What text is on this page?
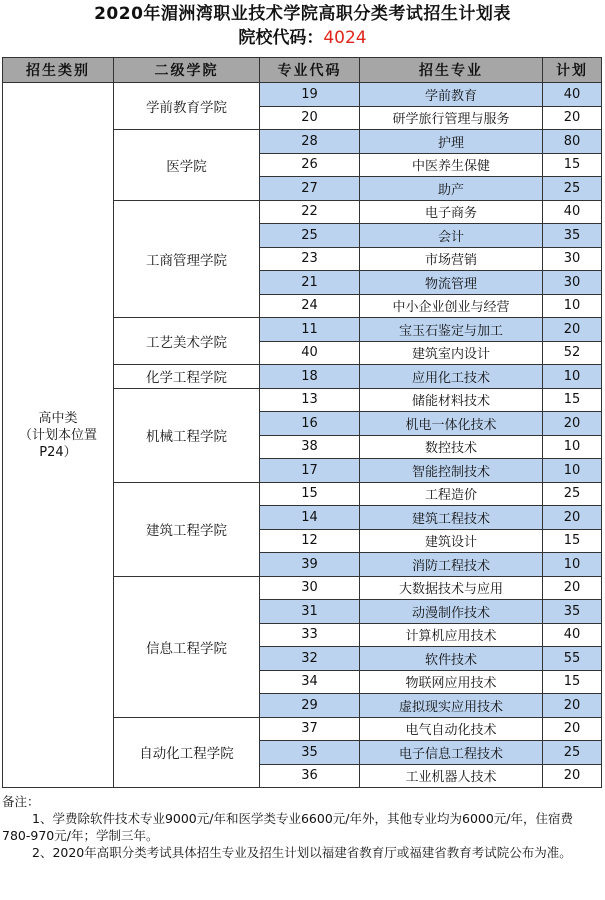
2020年湄洲湾职业技术学院高职分类考试招生计划表
院校代码：4024
招生类别	二级学院	专业代码	招生专业	计划

高中类
（计划本位置
P24）	学前教育学院	19	学前教育	40
		20	研学旅行管理与服务	20
	医学院	28	护理	80
		26	中医养生保健	15
		27	助产	25
	工商管理学院	22	电子商务	40
		25	会计	35
		23	市场营销	30
		21	物流管理	30
		24	中小企业创业与经营	10
	工艺美术学院	11	宝玉石鉴定与加工	20
		40	建筑室内设计	52
	化学工程学院	18	应用化工技术	10
	机械工程学院	13	储能材料技术	15
		16	机电一体化技术	20
		38	数控技术	10
		17	智能控制技术	10
	建筑工程学院	15	工程造价	25
		14	建筑工程技术	20
		12	建筑设计	15
		39	消防工程技术	10
	信息工程学院	30	大数据技术与应用	20
		31	动漫制作技术	35
		33	计算机应用技术	40
		32	软件技术	55
		34	物联网应用技术	15
		29	虚拟现实应用技术	20
	自动化工程学院	37	电气自动化技术	20
		35	电子信息工程技术	25
		36	工业机器人技术	20

备注：

1、学费除软件技术专业9000元/年和医学类专业6600元/年外，其他专业均为6000元/年，住宿费780-970元/年；学制三年。

2、2020年高职分类考试具体招生专业及招生计划以福建省教育厅或福建省教育考试院公布为准。
